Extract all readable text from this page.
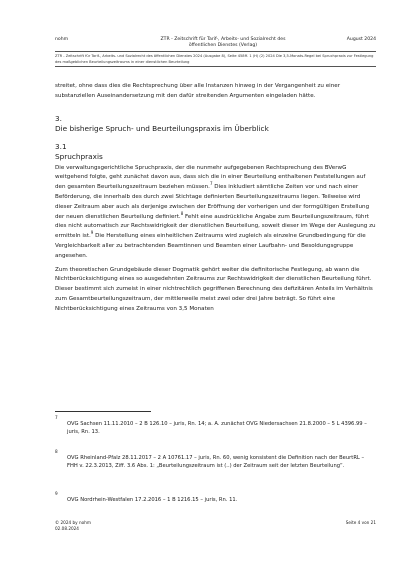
nohm	ZTR - Zeitschrift für Tarif-, Arbeits- und Sozialrecht des öffentlichen Dienstes (Verlag)
August 2024
ZTR - Zeitschrift für Tarif-, Arbeits- und Sozialrecht des öffentlichen Dienstes 2024 (Ausgabe 8), Seite 458ff. 1 (H) (2) 2024 Die 3,5-Monats-Regel bei Spruchpraxis zur Festlegung des maßgeblichen Beurteilungszeitraums in einer dienstlichen Beurteilung

streitet, ohne dass dies die Rechtsprechung über alle Instanzen hinweg in der Vergangenheit zu einer substanziellen Auseinandersetzung mit den dafür streitenden Argumenten eingeladen hätte.

3.
Die bisherige Spruch- und Beurteilungspraxis im Überblick
3.1
Spruchpraxis

Die verwaltungsgerichtliche Spruchpraxis, der die nunmehr aufgegebenen Rechtsprechung des BVerwG weitgehend folgte, geht zunächst davon aus, dass sich die in einer Beurteilung enthaltenen Feststellungen auf den gesamten Beurteilungszeitraum beziehen müssen.$^7$ Dies inkludiert sämtliche Zeiten vor und nach einer Beförderung, die innerhalb des durch zwei Stichtage definierten Beurteilungszeitraums liegen. Teilweise wird dieser Zeitraum aber auch als derjenige zwischen der Eröffnung der vorherigen und der formgültigen Erstellung der neuen dienstlichen Beurteilung definiert.$^8$ Fehlt eine ausdrückliche Angabe zum Beurteilungszeitraum, führt dies nicht automatisch zur Rechtswidrigkeit der dienstlichen Beurteilung, soweit dieser im Wege der Auslegung zu ermitteln ist.$^9$ Die Herstellung eines einheitlichen Zeitraums wird zugleich als einzelne Grundbedingung für die Vergleichbarkeit aller zu betrachtenden Beamtinnen und Beamten einer Laufbahn- und Besoldungsgruppe angesehen.

Zum theoretischen Grundgebäude dieser Dogmatik gehört weiter die definitorische Festlegung, ab wann die Nichtberücksichtigung eines so ausgedehnten Zeitraums zur Rechtswidrigkeit der dienstlichen Beurteilung führt. Dieser bestimmt sich zumeist in einer nichtrechtlich gegriffenen Berechnung des defizitären Anteils im Verhältnis zum Gesamtbeurteilungszeitraum, der mittlerweile meist zwei oder drei Jahre beträgt. So führt eine Nichtberücksichtigung eines Zeitraums von 3,5 Monaten

7
OVG Sachsen 11.11.2010 – 2 B 126.10 – juris, Rn. 14; a. A. zunächst OVG Niedersachsen 21.8.2000 – 5 L 4396.99 – juris, Rn. 13.
8
OVG Rheinland-Pfalz 28.11.2017 – 2 A 10761.17 – juris, Rn. 60, wenig konsistent die Definition nach der BeurtRL – FHH v. 22.3.2013, Ziff. 3.6 Abs. 1: „Beurteilungszeitraum ist (..) der Zeitraum seit der letzten Beurteilung“.
9
OVG Nordrhein-Westfalen 17.2.2016 – 1 B 1216.15 – juris, Rn. 11.
© 2024 by nohm
02.08.2024
Seite 4 von 21
